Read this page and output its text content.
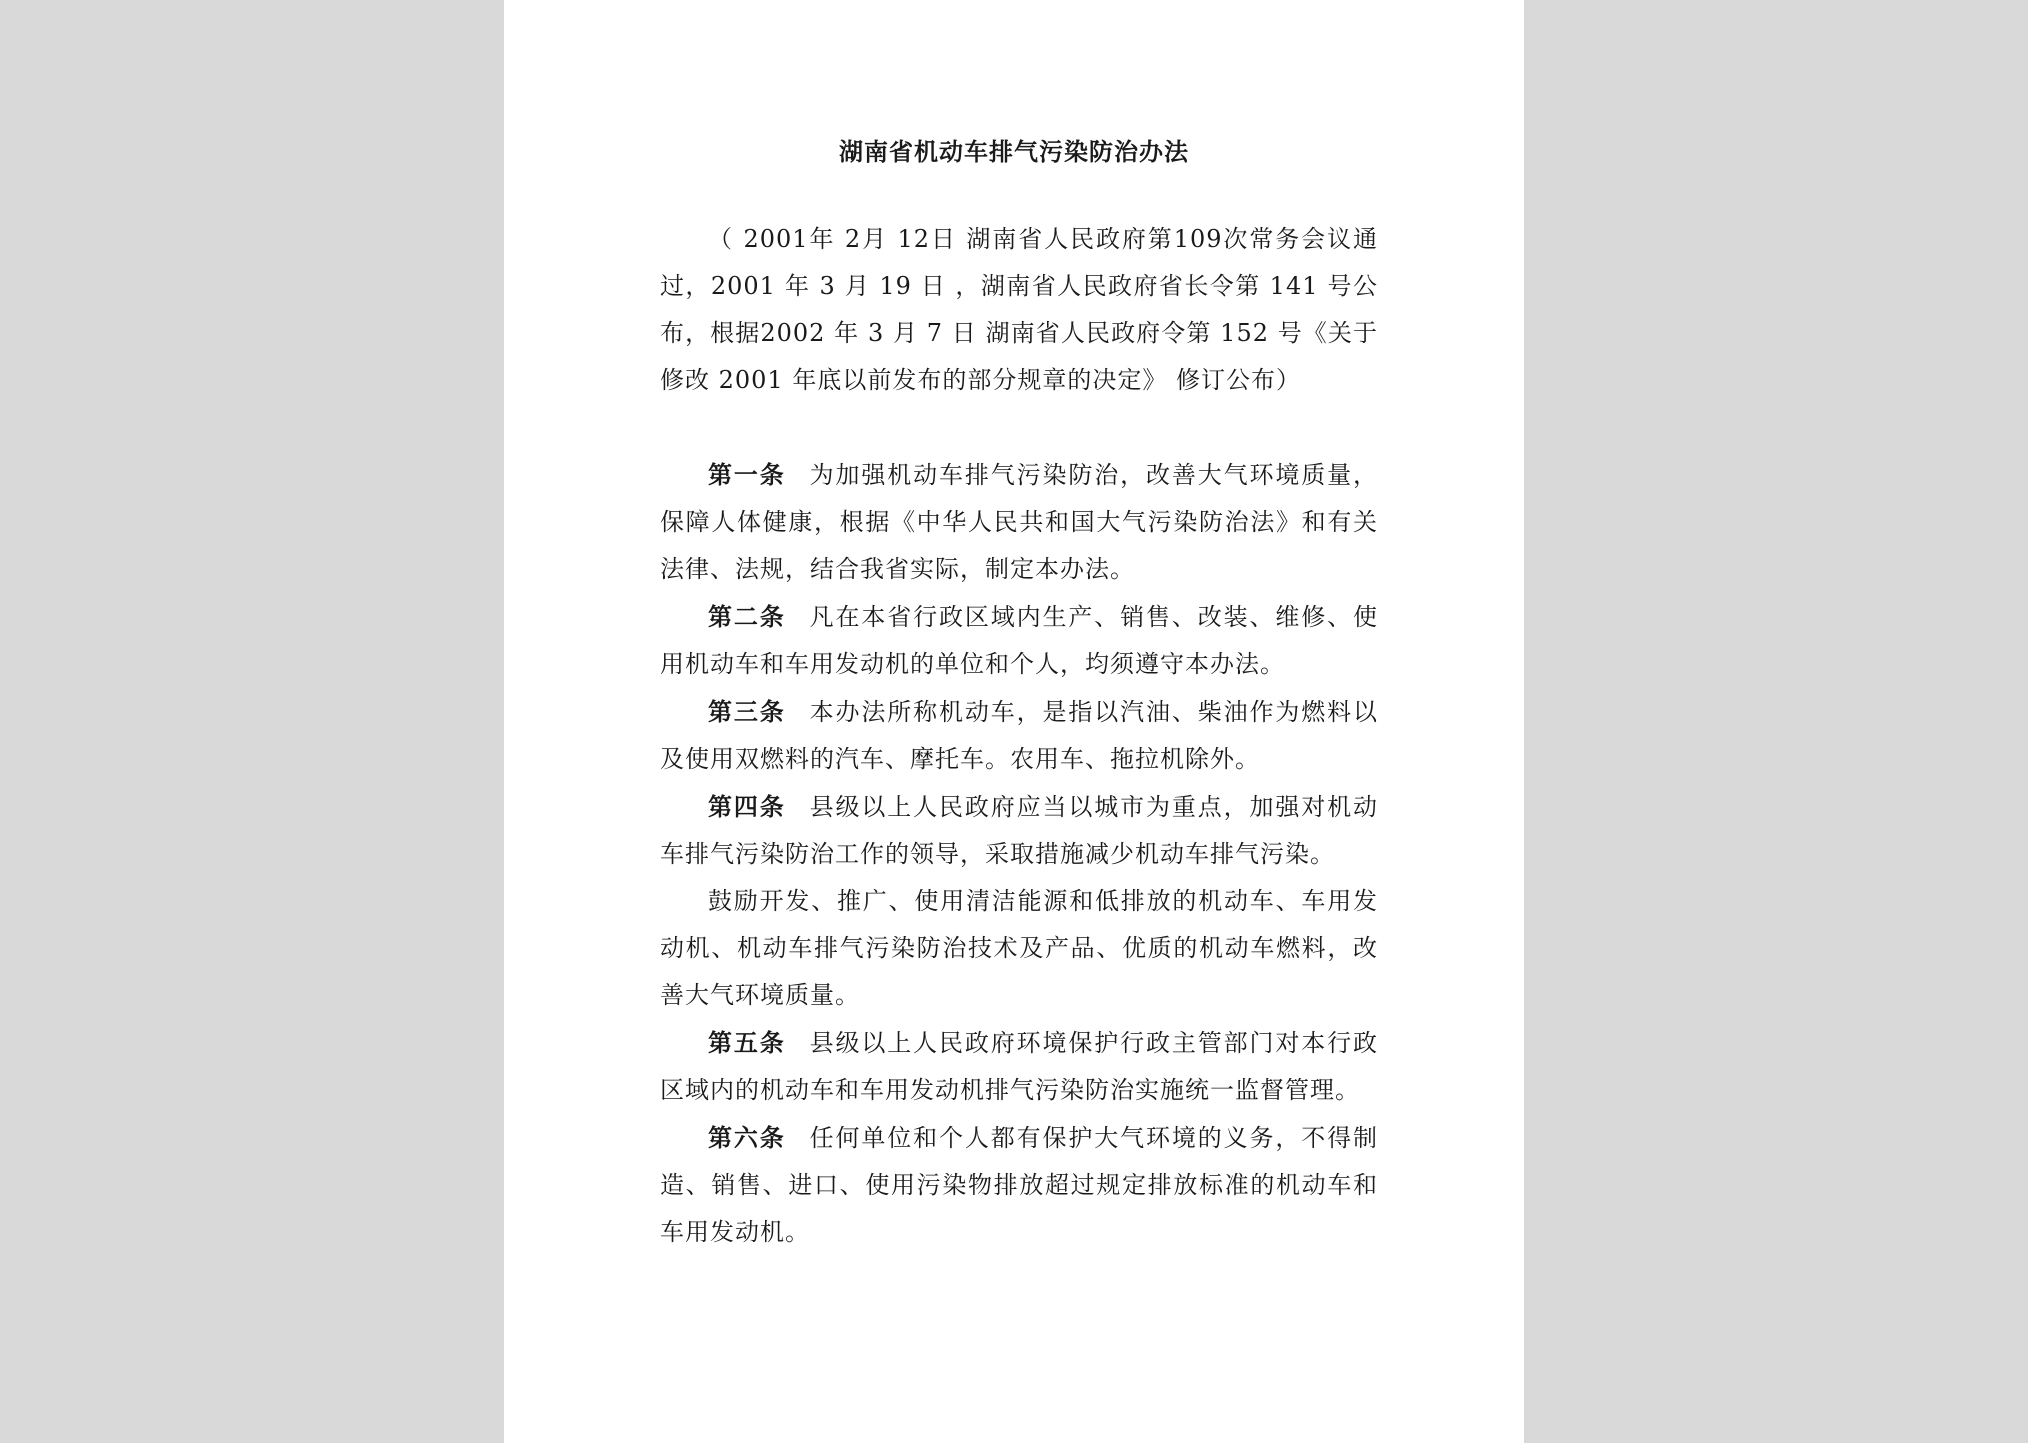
湖南省机动车排气污染防治办法

（ 2001年 2月 12日 湖南省人民政府第109次常务会议通过，2001 年 3 月 19 日 ，湖南省人民政府省长令第 141 号公布，根据2002 年 3 月 7 日 湖南省人民政府令第 152 号《关于修改 2001 年底以前发布的部分规章的决定》 修订公布）

第一条 为加强机动车排气污染防治，改善大气环境质量，保障人体健康，根据《中华人民共和国大气污染防治法》和有关法律、法规，结合我省实际，制定本办法。

第二条 凡在本省行政区域内生产、销售、改装、维修、使用机动车和车用发动机的单位和个人，均须遵守本办法。

第三条 本办法所称机动车，是指以汽油、柴油作为燃料以及使用双燃料的汽车、摩托车。农用车、拖拉机除外。

第四条 县级以上人民政府应当以城市为重点，加强对机动车排气污染防治工作的领导，采取措施减少机动车排气污染。

鼓励开发、推广、使用清洁能源和低排放的机动车、车用发动机、机动车排气污染防治技术及产品、优质的机动车燃料，改善大气环境质量。

第五条 县级以上人民政府环境保护行政主管部门对本行政区域内的机动车和车用发动机排气污染防治实施统一监督管理。

第六条 任何单位和个人都有保护大气环境的义务，不得制造、销售、进口、使用污染物排放超过规定排放标准的机动车和车用发动机。
